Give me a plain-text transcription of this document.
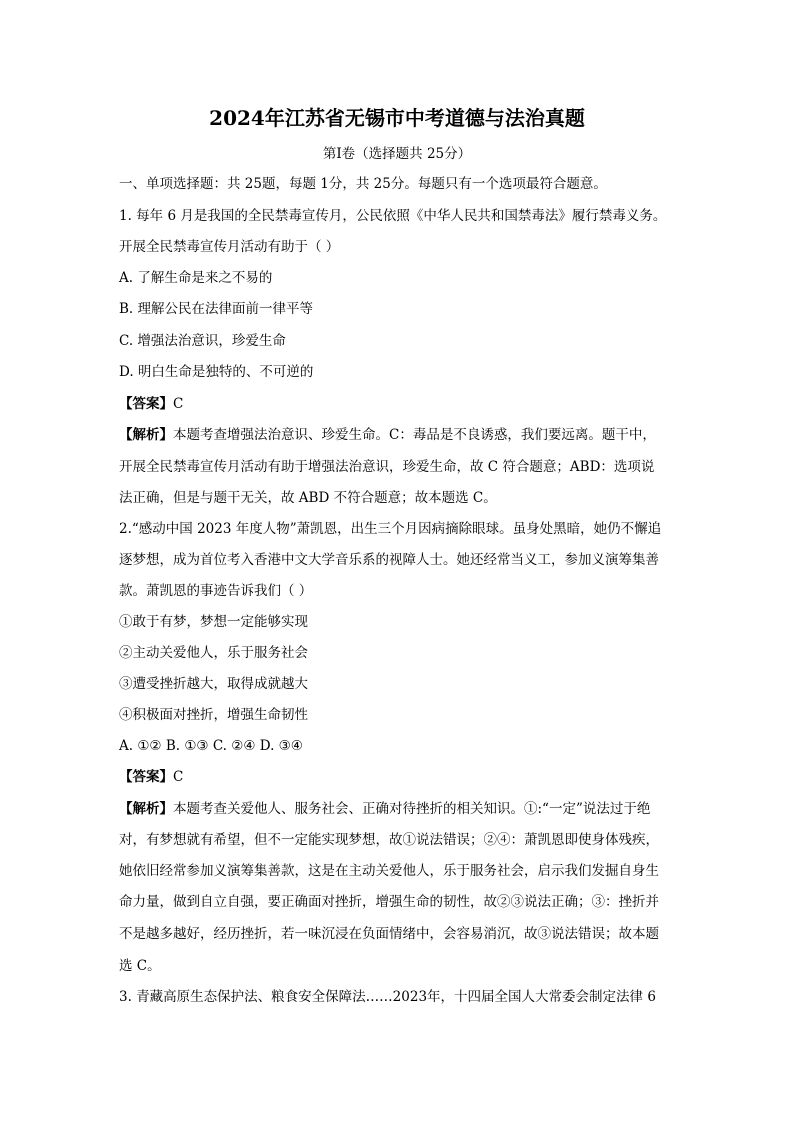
2024年江苏省无锡市中考道德与法治真题
第Ⅰ卷（选择题共 25分）
一、单项选择题：共 25题，每题 1分，共 25分。每题只有一个选项最符合题意。
1. 每年 6 月是我国的全民禁毒宣传月，公民依照《中华人民共和国禁毒法》履行禁毒义务。
开展全民禁毒宣传月活动有助于（ ）
A. 了解生命是来之不易的
B. 理解公民在法律面前一律平等
C. 增强法治意识，珍爱生命
D. 明白生命是独特的、不可逆的
【答案】C
【解析】本题考查增强法治意识、珍爱生命。C：毒品是不良诱惑，我们要远离。题干中，
开展全民禁毒宣传月活动有助于增强法治意识，珍爱生命，故 C 符合题意；ABD：选项说
法正确，但是与题干无关，故 ABD 不符合题意；故本题选 C。
2.“感动中国 2023 年度人物”萧凯恩，出生三个月因病摘除眼球。虽身处黑暗，她仍不懈追
逐梦想，成为首位考入香港中文大学音乐系的视障人士。她还经常当义工，参加义演筹集善
款。萧凯恩的事迹告诉我们（ ）
①敢于有梦，梦想一定能够实现
②主动关爱他人，乐于服务社会
③遭受挫折越大，取得成就越大
④积极面对挫折，增强生命韧性
A. ①② B. ①③ C. ②④ D. ③④
【答案】C
【解析】本题考查关爱他人、服务社会、正确对待挫折的相关知识。①:“一定”说法过于绝
对，有梦想就有希望，但不一定能实现梦想，故①说法错误；②④：萧凯恩即使身体残疾，
她依旧经常参加义演筹集善款，这是在主动关爱他人，乐于服务社会，启示我们发掘自身生
命力量，做到自立自强，要正确面对挫折，增强生命的韧性，故②③说法正确；③：挫折并
不是越多越好，经历挫折，若一味沉浸在负面情绪中，会容易消沉，故③说法错误；故本题
选 C。
3. 青藏高原生态保护法、粮食安全保障法……2023年，十四届全国人大常委会制定法律 6
